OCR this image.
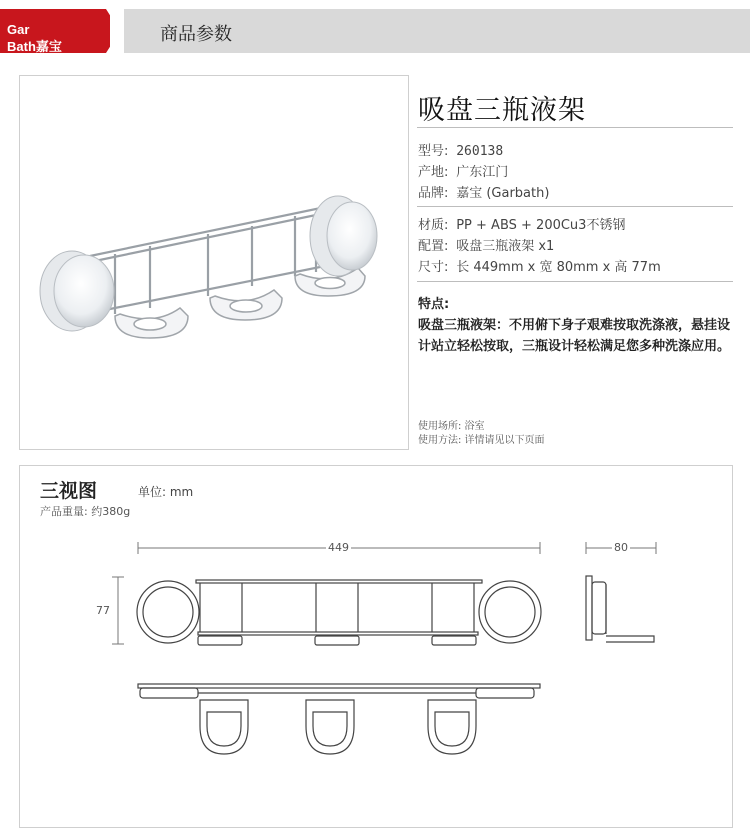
Gar
Bath嘉宝
商品参数
吸盘三瓶液架
型号: 260138
产地: 广东江门
品牌: 嘉宝 (Garbath)
材质: PP + ABS + 200Cu3不锈钢
配置: 吸盘三瓶液架 x1
尺寸: 长 449mm x 宽 80mm x 高 77m
特点:
吸盘三瓶液架：不用俯下身子艰难按取洗涤液，悬挂设计站立轻松按取，三瓶设计轻松满足您多种洗涤应用。
使用场所: 浴室
使用方法: 详情请见以下页面
三视图	单位: mm
产品重量: 约380g
449	80
77
